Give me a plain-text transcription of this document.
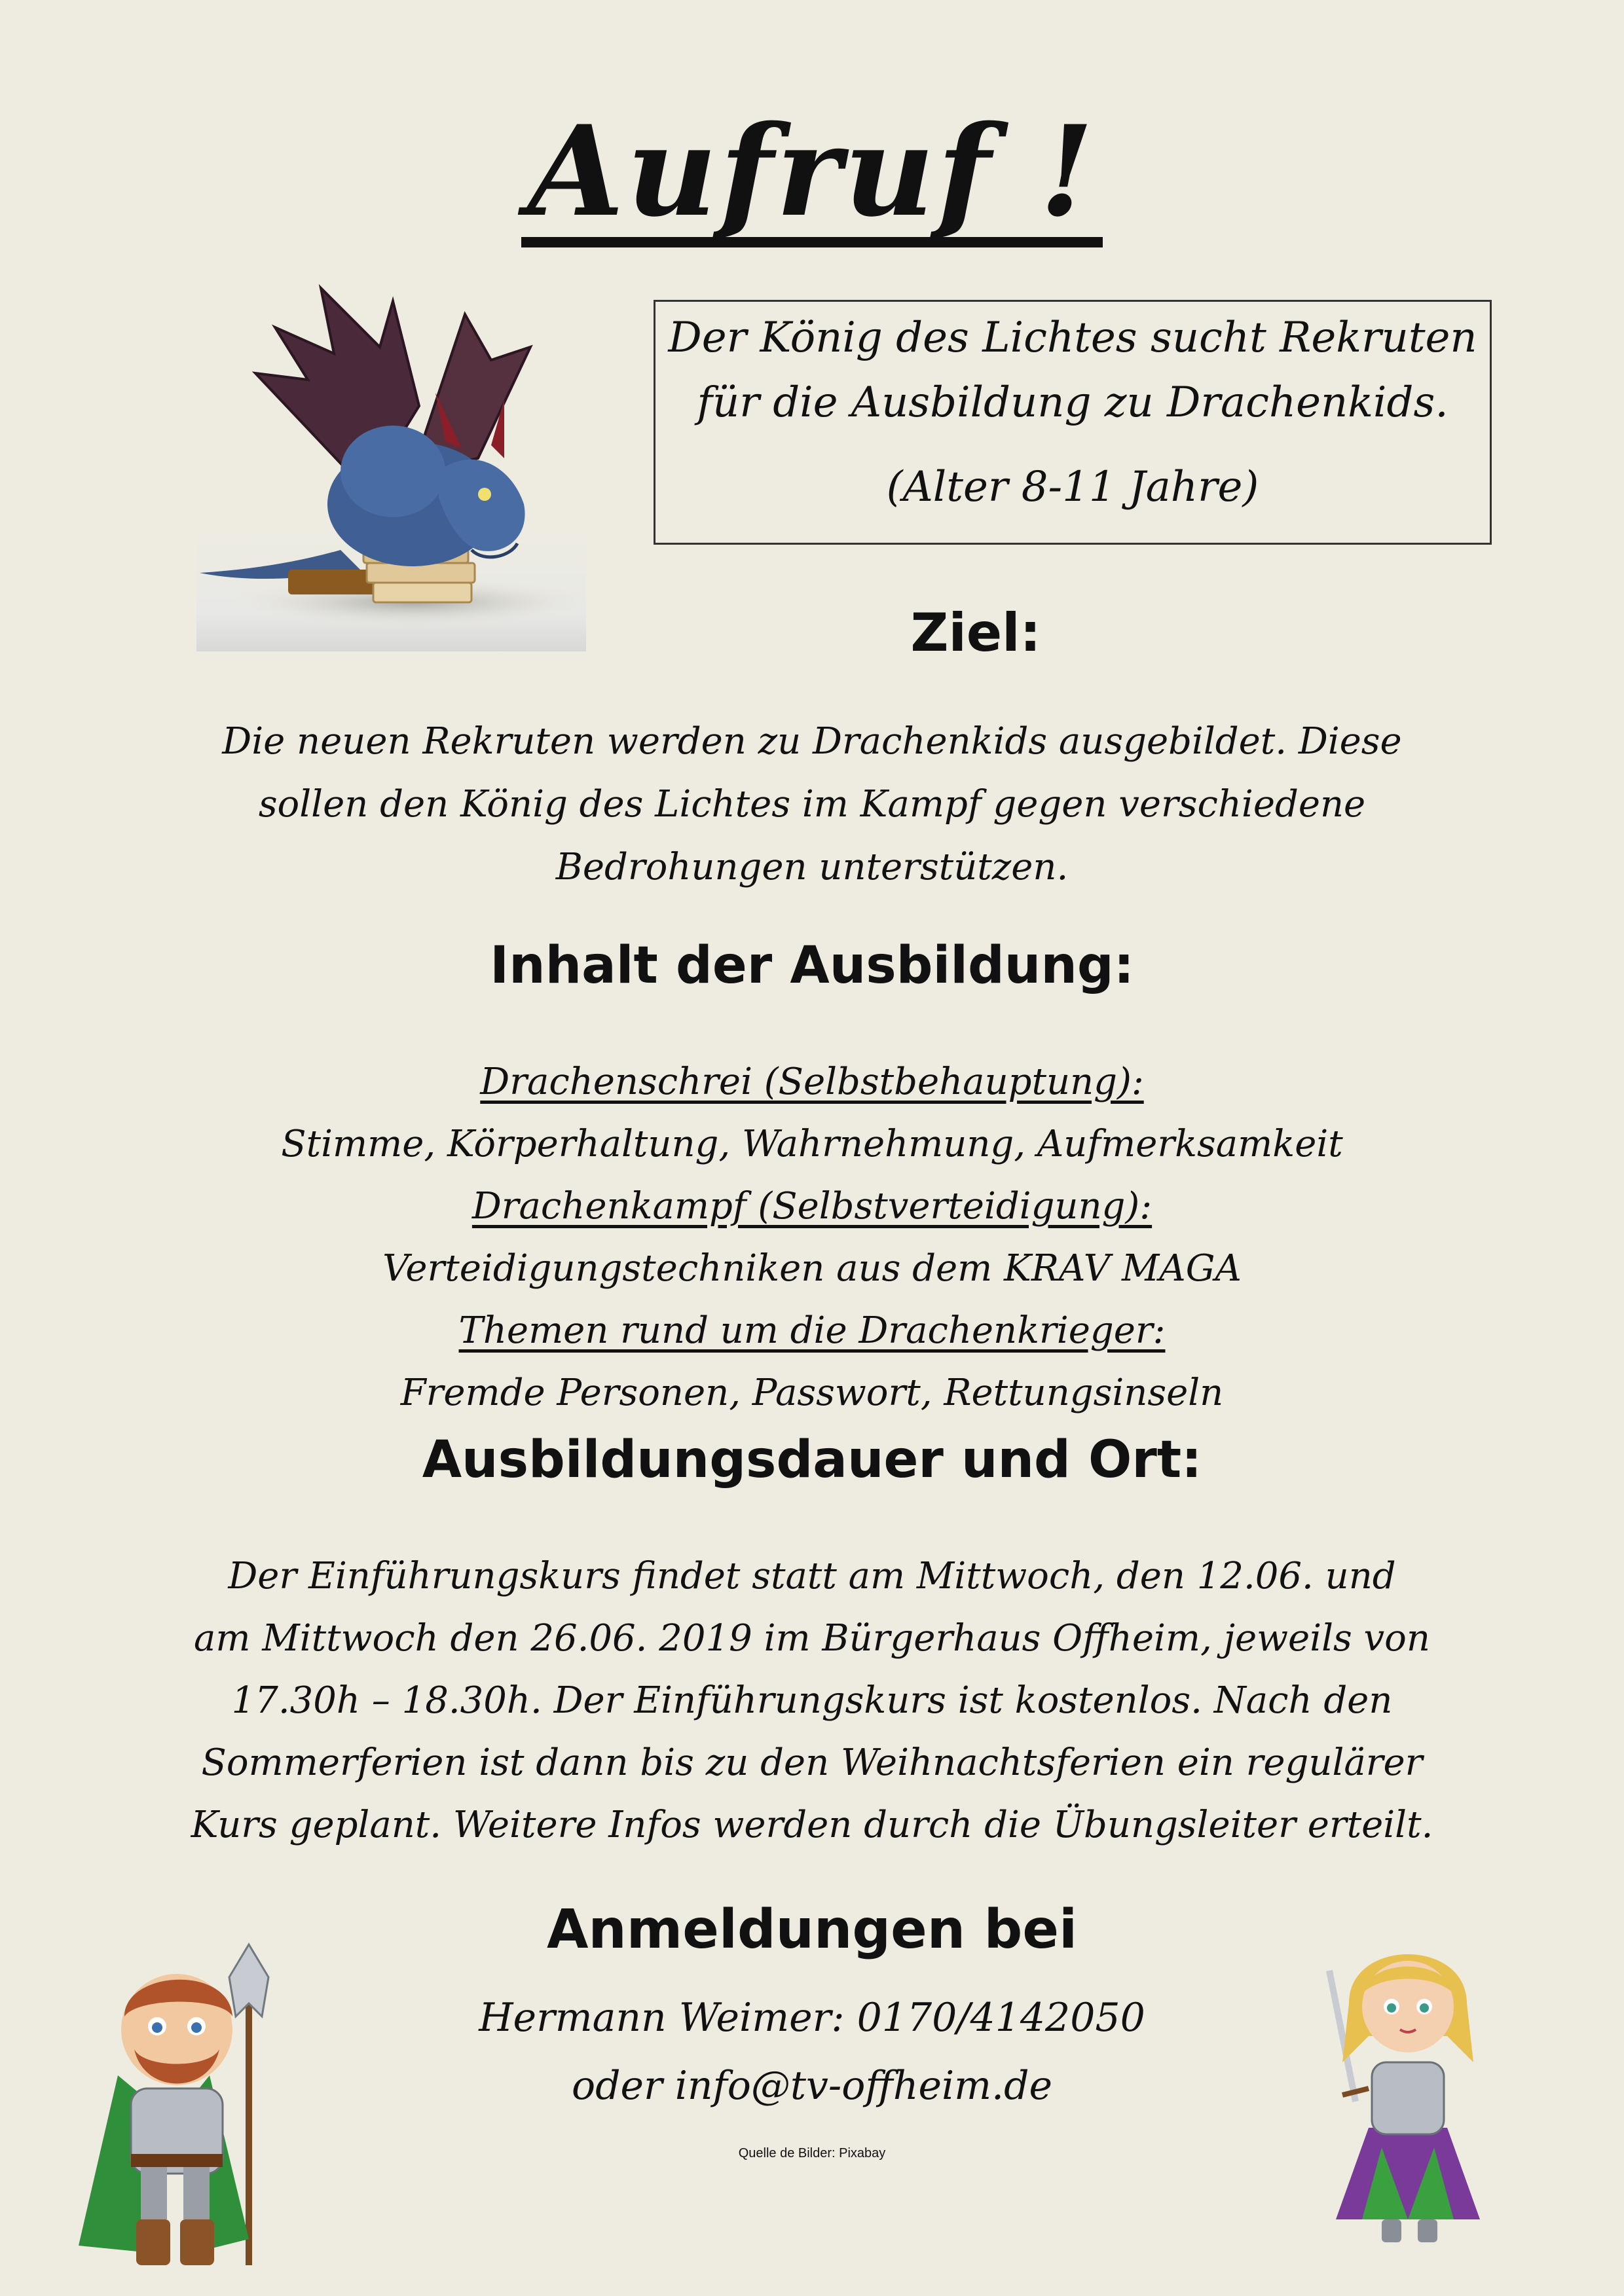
Aufruf !

Der König des Lichtes sucht Rekruten

für die Ausbildung zu Drachenkids.

(Alter 8-11 Jahre)

Ziel:
Die neuen Rekruten werden zu Drachenkids ausgebildet. Diese
sollen den König des Lichtes im Kampf gegen verschiedene
Bedrohungen unterstützen.
Inhalt der Ausbildung:
Drachenschrei (Selbstbehauptung):
Stimme, Körperhaltung, Wahrnehmung, Aufmerksamkeit
Drachenkampf (Selbstverteidigung):
Verteidigungstechniken aus dem KRAV MAGA
Themen rund um die Drachenkrieger:
Fremde Personen, Passwort, Rettungsinseln
Ausbildungsdauer und Ort:
Der Einführungskurs findet statt am Mittwoch, den 12.06. und
am Mittwoch den 26.06. 2019 im Bürgerhaus Offheim, jeweils von
17.30h – 18.30h. Der Einführungskurs ist kostenlos. Nach den
Sommerferien ist dann bis zu den Weihnachtsferien ein regulärer
Kurs geplant. Weitere Infos werden durch die Übungsleiter erteilt.
Anmeldungen bei
Hermann Weimer: 0170/4142050
oder info@tv-offheim.de
Quelle de Bilder: Pixabay
